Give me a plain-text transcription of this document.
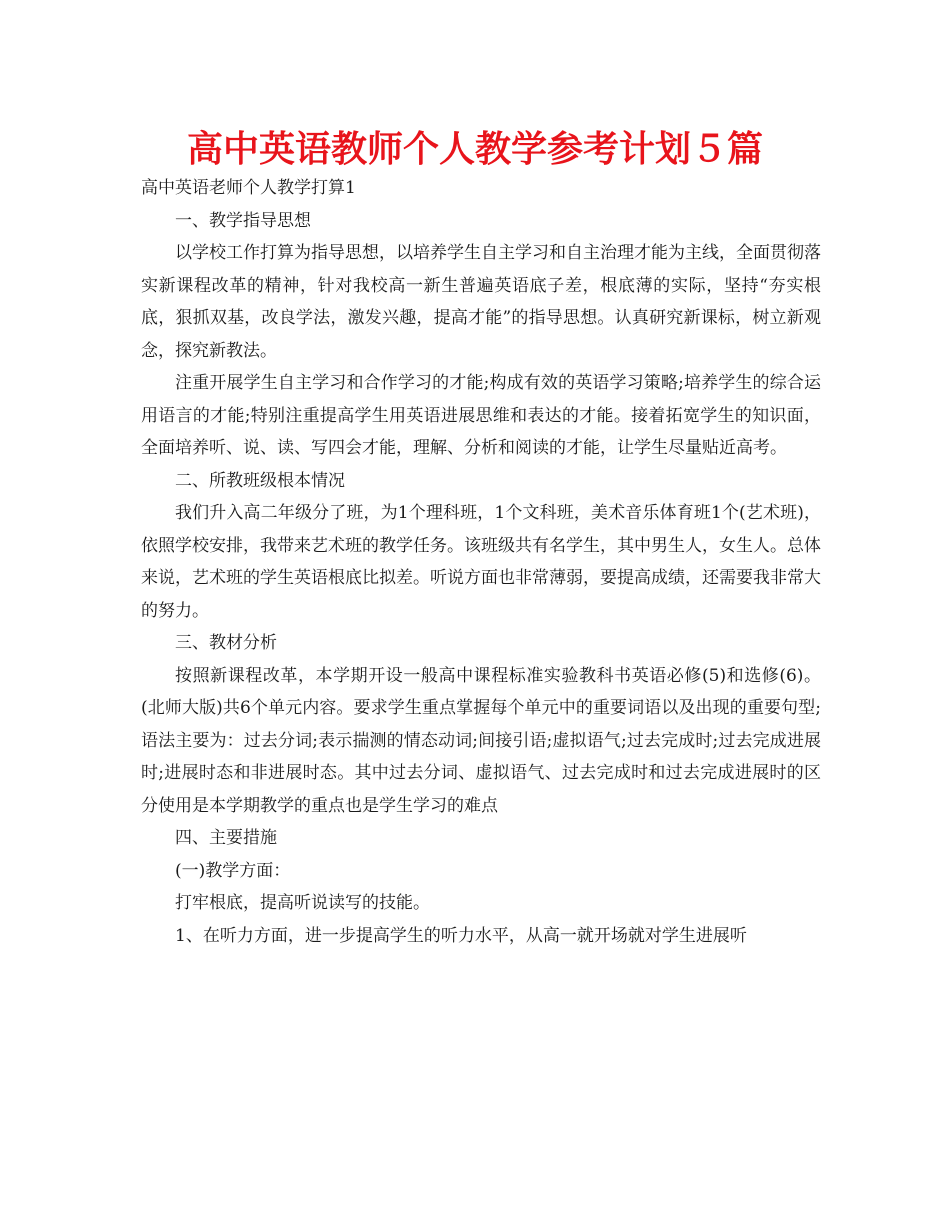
高中英语教师个人教学参考计划５篇

高中英语老师个人教学打算1

一、教学指导思想

以学校工作打算为指导思想，以培养学生自主学习和自主治理才能为主线，全面贯彻落实新课程改革的精神，针对我校高一新生普遍英语底子差，根底薄的实际，坚持“夯实根底，狠抓双基，改良学法，激发兴趣，提高才能”的指导思想。认真研究新课标，树立新观念，探究新教法。

注重开展学生自主学习和合作学习的才能;构成有效的英语学习策略;培养学生的综合运用语言的才能;特别注重提高学生用英语进展思维和表达的才能。接着拓宽学生的知识面，全面培养听、说、读、写四会才能，理解、分析和阅读的才能，让学生尽量贴近高考。

二、所教班级根本情况

我们升入高二年级分了班，为1个理科班，1个文科班，美术音乐体育班1个(艺术班)，依照学校安排，我带来艺术班的教学任务。该班级共有名学生，其中男生人，女生人。总体来说，艺术班的学生英语根底比拟差。听说方面也非常薄弱，要提高成绩，还需要我非常大的努力。

三、教材分析

按照新课程改革，本学期开设一般高中课程标准实验教科书英语必修(5)和选修(6)。(北师大版)共6个单元内容。要求学生重点掌握每个单元中的重要词语以及出现的重要句型;语法主要为：过去分词;表示揣测的情态动词;间接引语;虚拟语气;过去完成时;过去完成进展时;进展时态和非进展时态。其中过去分词、虚拟语气、过去完成时和过去完成进展时的区分使用是本学期教学的重点也是学生学习的难点

四、主要措施

(一)教学方面：

打牢根底，提高听说读写的技能。

1、在听力方面，进一步提高学生的听力水平，从高一就开场就对学生进展听
